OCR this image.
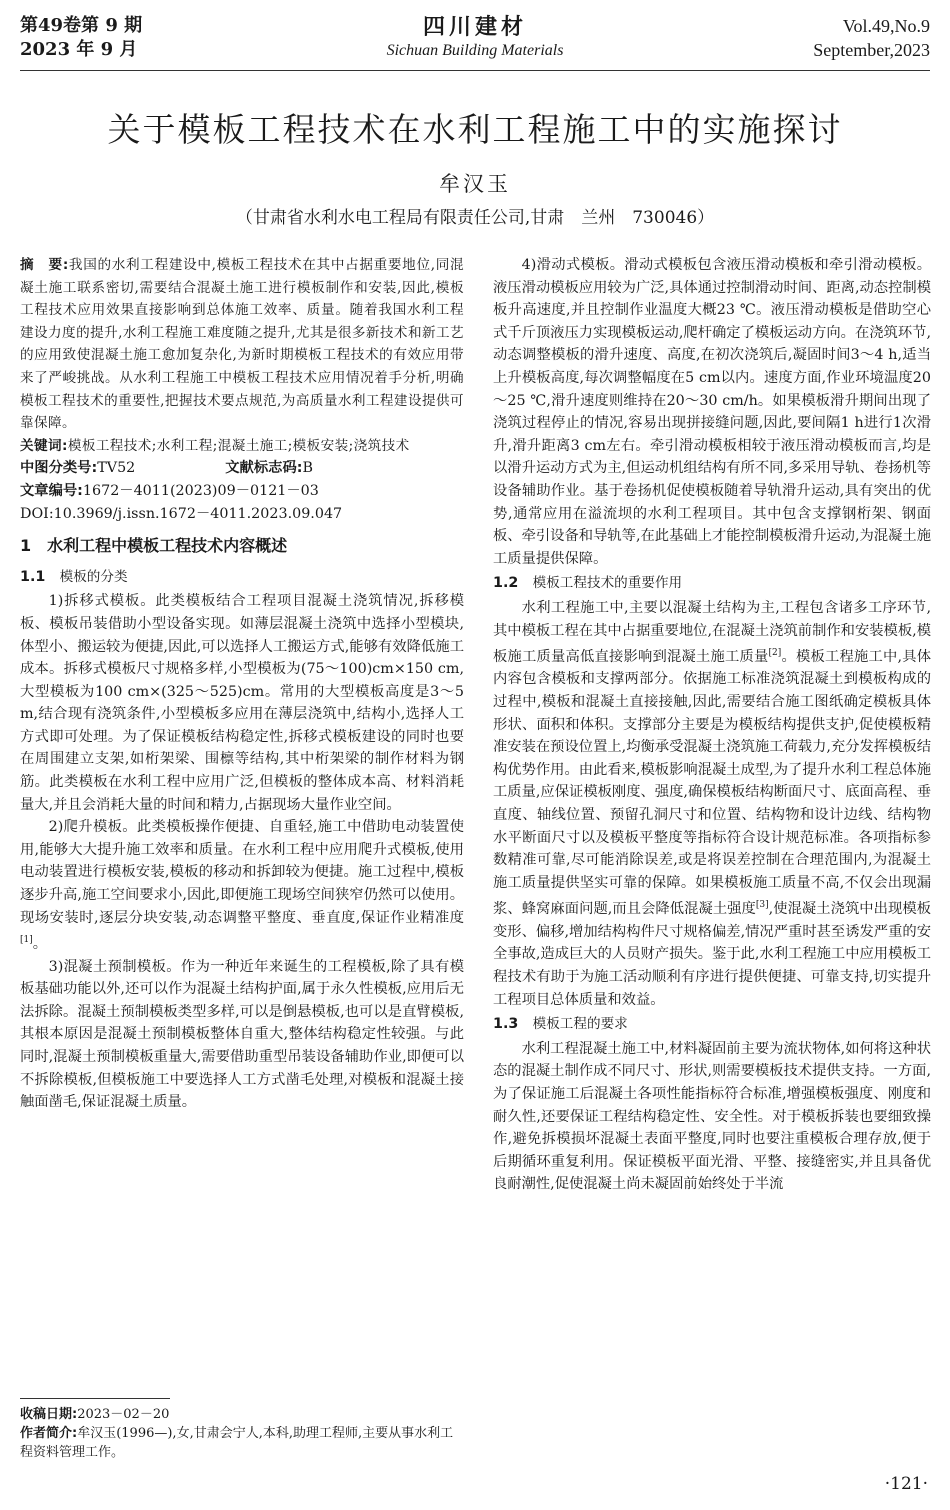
第49卷第 9 期
2023 年 9 月
四川建材
Sichuan Building Materials
Vol.49,No.9
September,2023
关于模板工程技术在水利工程施工中的实施探讨
牟汉玉
（甘肃省水利水电工程局有限责任公司,甘肃　兰州　730046）

摘　要:我国的水利工程建设中,模板工程技术在其中占据重要地位,同混凝土施工联系密切,需要结合混凝土施工进行模板制作和安装,因此,模板工程技术应用效果直接影响到总体施工效率、质量。随着我国水利工程建设力度的提升,水利工程施工难度随之提升,尤其是很多新技术和新工艺的应用致使混凝土施工愈加复杂化,为新时期模板工程技术的有效应用带来了严峻挑战。从水利工程施工中模板工程技术应用情况着手分析,明确模板工程技术的重要性,把握技术要点规范,为高质量水利工程建设提供可靠保障。

关键词:模板工程技术;水利工程;混凝土施工;模板安装;浇筑技术

中图分类号:TV52	文献标志码:B

文章编号:1672－4011(2023)09－0121－03

DOI:10.3969/j.issn.1672－4011.2023.09.047

1　水利工程中模板工程技术内容概述
1.1　 模板的分类

1)拆移式模板。此类模板结合工程项目混凝土浇筑情况,拆移模板、模板吊装借助小型设备实现。如薄层混凝土浇筑中选择小型模块,体型小、搬运较为便捷,因此,可以选择人工搬运方式,能够有效降低施工成本。拆移式模板尺寸规格多样,小型模板为(75～100)cm×150 cm,大型模板为100 cm×(325～525)cm。常用的大型模板高度是3～5 m,结合现有浇筑条件,小型模板多应用在薄层浇筑中,结构小,选择人工方式即可处理。为了保证模板结构稳定性,拆移式模板建设的同时也要在周围建立支架,如桁架梁、围檩等结构,其中桁架梁的制作材料为钢筋。此类模板在水利工程中应用广泛,但模板的整体成本高、材料消耗量大,并且会消耗大量的时间和精力,占据现场大量作业空间。

2)爬升模板。此类模板操作便捷、自重轻,施工中借助电动装置使用,能够大大提升施工效率和质量。在水利工程中应用爬升式模板,使用电动装置进行模板安装,模板的移动和拆卸较为便捷。施工过程中,模板逐步升高,施工空间要求小,因此,即便施工现场空间狭窄仍然可以使用。现场安装时,逐层分块安装,动态调整平整度、垂直度,保证作业精准度[1]。

3)混凝土预制模板。作为一种近年来诞生的工程模板,除了具有模板基础功能以外,还可以作为混凝土结构护面,属于永久性模板,应用后无法拆除。混凝土预制模板类型多样,可以是倒悬模板,也可以是直臂模板,其根本原因是混凝土预制模板整体自重大,整体结构稳定性较强。与此同时,混凝土预制模板重量大,需要借助重型吊装设备辅助作业,即便可以不拆除模板,但模板施工中要选择人工方式凿毛处理,对模板和混凝土接触面凿毛,保证混凝土质量。

收稿日期:2023－02－20
作者简介:牟汉玉(1996—),女,甘肃会宁人,本科,助理工程师,主要从事水利工程资料管理工作。

4)滑动式模板。滑动式模板包含液压滑动模板和牵引滑动模板。液压滑动模板应用较为广泛,具体通过控制滑动时间、距离,动态控制模板升高速度,并且控制作业温度大概23 ℃。液压滑动模板是借助空心式千斤顶液压力实现模板运动,爬杆确定了模板运动方向。在浇筑环节,动态调整模板的滑升速度、高度,在初次浇筑后,凝固时间3～4 h,适当上升模板高度,每次调整幅度在5 cm以内。速度方面,作业环境温度20～25 ℃,滑升速度则维持在20～30 cm/h。如果模板滑升期间出现了浇筑过程停止的情况,容易出现拼接缝问题,因此,要间隔1 h进行1次滑升,滑升距离3 cm左右。牵引滑动模板相较于液压滑动模板而言,均是以滑升运动方式为主,但运动机组结构有所不同,多采用导轨、卷扬机等设备辅助作业。基于卷扬机促使模板随着导轨滑升运动,具有突出的优势,通常应用在溢流坝的水利工程项目。其中包含支撑钢桁架、钢面板、牵引设备和导轨等,在此基础上才能控制模板滑升运动,为混凝土施工质量提供保障。

1.2　 模板工程技术的重要作用

水利工程施工中,主要以混凝土结构为主,工程包含诸多工序环节,其中模板工程在其中占据重要地位,在混凝土浇筑前制作和安装模板,模板施工质量高低直接影响到混凝土施工质量[2]。模板工程施工中,具体内容包含模板和支撑两部分。依据施工标准浇筑混凝土到模板构成的过程中,模板和混凝土直接接触,因此,需要结合施工图纸确定模板具体形状、面积和体积。支撑部分主要是为模板结构提供支护,促使模板精准安装在预设位置上,均衡承受混凝土浇筑施工荷载力,充分发挥模板结构优势作用。由此看来,模板影响混凝土成型,为了提升水利工程总体施工质量,应保证模板刚度、强度,确保模板结构断面尺寸、底面高程、垂直度、轴线位置、预留孔洞尺寸和位置、结构物和设计边线、结构物水平断面尺寸以及模板平整度等指标符合设计规范标准。各项指标参数精准可靠,尽可能消除误差,或是将误差控制在合理范围内,为混凝土施工质量提供坚实可靠的保障。如果模板施工质量不高,不仅会出现漏浆、蜂窝麻面问题,而且会降低混凝土强度[3],使混凝土浇筑中出现模板变形、偏移,增加结构构件尺寸规格偏差,情况严重时甚至诱发严重的安全事故,造成巨大的人员财产损失。鉴于此,水利工程施工中应用模板工程技术有助于为施工活动顺利有序进行提供便捷、可靠支持,切实提升工程项目总体质量和效益。

1.3　 模板工程的要求

水利工程混凝土施工中,材料凝固前主要为流状物体,如何将这种状态的混凝土制作成不同尺寸、形状,则需要模板技术提供支持。一方面,为了保证施工后混凝土各项性能指标符合标准,增强模板强度、刚度和耐久性,还要保证工程结构稳定性、安全性。对于模板拆装也要细致操作,避免拆模损坏混凝土表面平整度,同时也要注重模板合理存放,便于后期循环重复利用。保证模板平面光滑、平整、接缝密实,并且具备优良耐潮性,促使混凝土尚未凝固前始终处于半流

·121·
